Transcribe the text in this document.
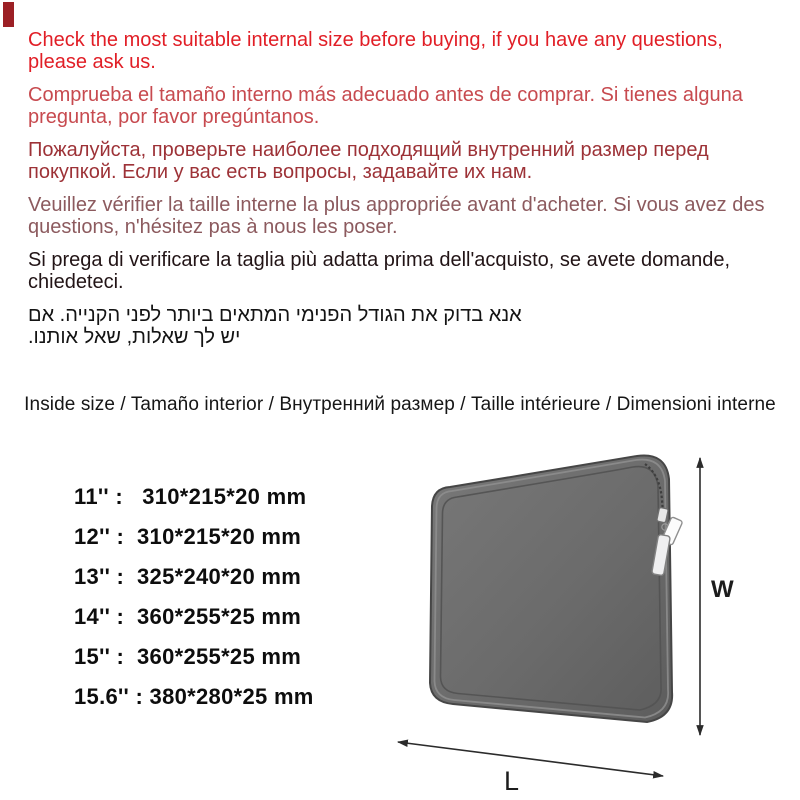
Check the most suitable internal size before buying, if you have any questions,
please ask us.

Comprueba el tamaño interno más adecuado antes de comprar. Si tienes alguna
pregunta, por favor pregúntanos.

Пожалуйста, проверьте наиболее подходящий внутренний размер перед
покупкой. Если у вас есть вопросы, задавайте их нам.

Veuillez vérifier la taille interne la plus appropriée avant d'acheter. Si vous avez des
questions, n'hésitez pas à nous les poser.

Si prega di verificare la taglia più adatta prima dell'acquisto, se avete domande,
chiedeteci.

אנא בדוק את הגודל הפנימי המתאים ביותר לפני הקנייה. אם
יש לך שאלות, שאל אותנו.

Inside size / Tamaño interior / Внутренний размер / Taille intérieure / Dimensioni interne
11'' :   310*215*20 mm
12'' :  310*215*20 mm
13'' :  325*240*20 mm
14'' :  360*255*25 mm
15'' :  360*255*25 mm
15.6'' : 380*280*25 mm
W
L
